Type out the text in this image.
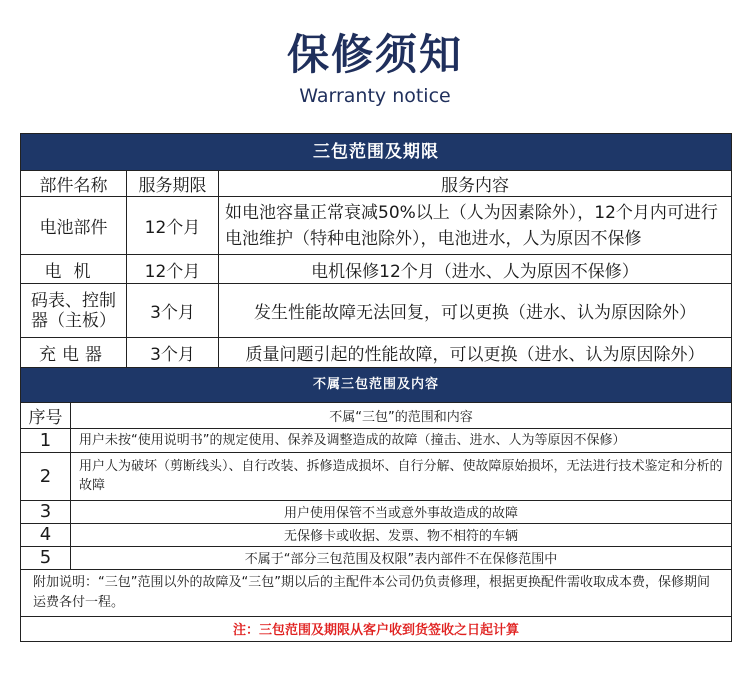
保修须知
Warranty notice
三包范围及期限		
部件名称	服务期限	服务内容
电池部件	12个月	如电池容量正常衰减50%以上（人为因素除外），12个月内可进行电池维护（特种电池除外），电池进水，人为原因不保修
电机	12个月	电机保修12个月（进水、人为原因不保修）
码表、控制器（主板）	3个月	发生性能故障无法回复，可以更换（进水、认为原因除外）
充电器	3个月	质量问题引起的性能故障，可以更换（进水、认为原因除外）
不属三包范围及内容	
序号	不属“三包”的范围和内容
1	用户未按“使用说明书”的规定使用、保养及调整造成的故障（撞击、进水、人为等原因不保修）
2	用户人为破坏（剪断线头）、自行改装、拆修造成损坏、自行分解、使故障原始损坏，无法进行技术鉴定和分析的故障
3	用户使用保管不当或意外事故造成的故障
4	无保修卡或收据、发票、物不相符的车辆
5	不属于“部分三包范围及权限”表内部件不在保修范围中
附加说明：“三包”范围以外的故障及“三包”期以后的主配件本公司仍负责修理，根据更换配件需收取成本费，保修期间运费各付一程。	
注：三包范围及期限从客户收到货签收之日起计算	
